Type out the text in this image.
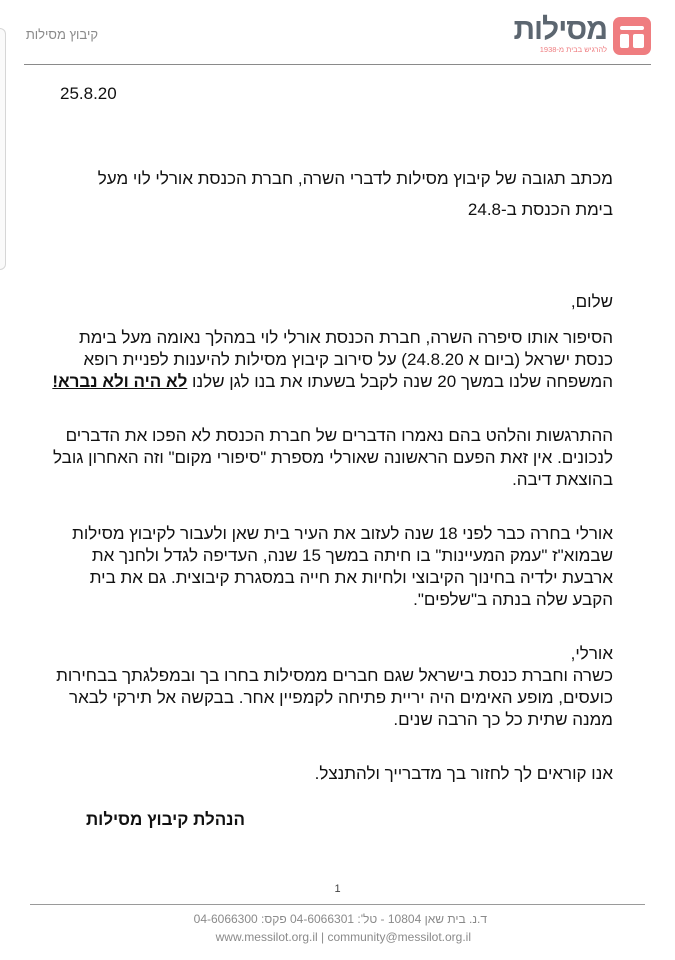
קיבוץ מסילות	מסילות
להרגיש בבית מ-1938
25.8.20
מכתב תגובה של קיבוץ מסילות לדברי השרה, חברת הכנסת אורלי לוי מעל
בימת הכנסת ב-24.8
שלום,
הסיפור אותו סיפרה השרה, חברת הכנסת אורלי לוי במהלך נאומה מעל בימת
כנסת ישראל (ביום א 24.8.20) על סירוב קיבוץ מסילות להיענות לפניית רופא
המשפחה שלנו במשך 20 שנה לקבל בשעתו את בנו לגן שלנו לא היה ולא נברא!
ההתרגשות והלהט בהם נאמרו הדברים של חברת הכנסת לא הפכו את הדברים
לנכונים. אין זאת הפעם הראשונה שאורלי מספרת "סיפורי מקום" וזה האחרון גובל
בהוצאת דיבה.
אורלי בחרה כבר לפני 18 שנה לעזוב את העיר בית שאן ולעבור לקיבוץ מסילות
שבמוא"ז "עמק המעיינות" בו חיתה במשך 15 שנה, העדיפה לגדל ולחנך את
ארבעת ילדיה בחינוך הקיבוצי ולחיות את חייה במסגרת קיבוצית. גם את בית
הקבע שלה בנתה ב"שלפים".
אורלי,
כשרה וחברת כנסת בישראל שגם חברים ממסילות בחרו בך ובמפלגתך בבחירות
כועסים, מופע האימים היה יריית פתיחה לקמפיין אחר. בבקשה אל תירקי לבאר
ממנה שתית כל כך הרבה שנים.
אנו קוראים לך לחזור בך מדברייך ולהתנצל.
הנהלת קיבוץ מסילות
1
ד.נ. בית שאן 10804 - טל': 04-6066301 פקס: 04-6066300
www.messilot.org.il | community@messilot.org.il
